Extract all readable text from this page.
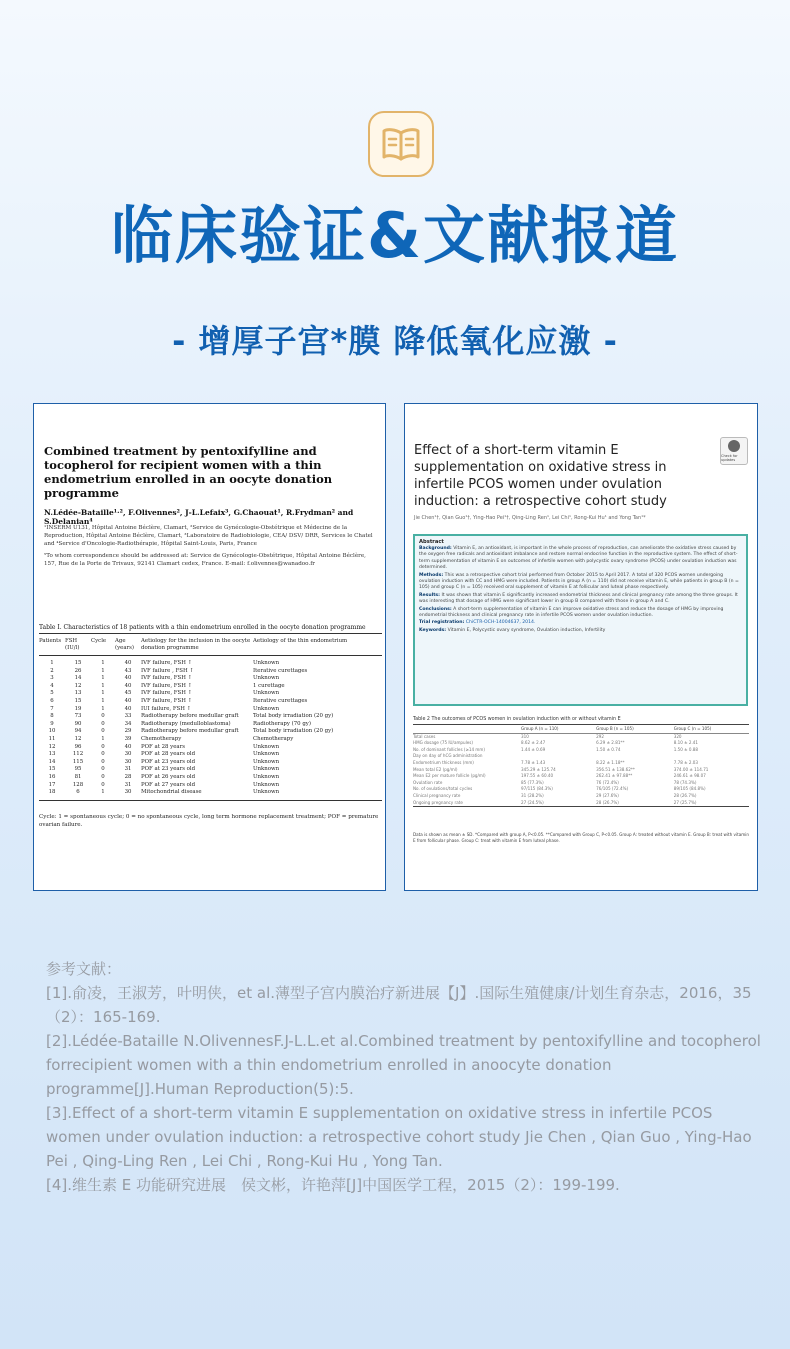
临床验证&文献报道
- 增厚子宫*膜 降低氧化应激 -
Combined treatment by pentoxifylline and tocopherol for recipient women with a thin endometrium enrolled in an oocyte donation programme
N.Lédée-Bataille¹·², F.Olivennes², J-L.Lefaix³, G.Chaouat¹, R.Frydman² and S.Delanian⁴
¹INSERM U131, Hôpital Antoine Béclère, Clamart, ²Service de Gynécologie-Obstétrique et Médecine de la Reproduction, Hôpital Antoine Béclère, Clamart, ³Laboratoire de Radiobiologie, CEA/ DSV/ DRR, Services le Chatel and ⁴Service d'Oncologie-Radiothérapie, Hôpital Saint-Louis, Paris, France
⁵To whom correspondence should be addressed at: Service de Gynécologie-Obstétrique, Hôpital Antoine Béclère, 157, Rue de la Porte de Trivaux, 92141 Clamart cedex, France. E-mail: f.olivennes@wanadoo.fr
Table I. Characteristics of 18 patients with a thin endometrium enrolled in the oocyte donation programme
Patients	FSH (IU/l)	Cycle	Age (years)	Aetiology for the inclusion in the oocyte donation programme	Aetiology of the thin endometrium
1	15	1	40	IVF failure, FSH ↑	Unknown
2	26	1	43	IVF failure , FSH ↑	Iterative curettages
3	14	1	40	IVF failure, FSH ↑	Unknown
4	12	1	40	IVF failure, FSH ↑	1 curettage
5	13	1	45	IVF failure, FSH ↑	Unknown
6	15	1	40	IVF failure, FSH ↑	Iterative curettages
7	19	1	40	IUI failure, FSH ↑	Unknown
8	73	0	33	Radiotherapy before medullar graft	Total body irradiation (20 gy)
9	90	0	34	Radiotherapy (medulloblastoma)	Radiotherapy (70 gy)
10	94	0	29	Radiotherapy before medullar graft	Total body irradiation (20 gy)
11	12	1	39	Chemotherapy	Chemotherapy
12	96	0	40	POF at 28 years	Unknown
13	112	0	30	POF at 28 years old	Unknown
14	115	0	30	POF at 23 years old	Unknown
15	95	0	31	POF at 23 years old	Unknown
16	81	0	28	POF at 26 years old	Unknown
17	128	0	31	POF at 27 years old	Unknown
18	6	1	30	Mitochondrial disease	Unknown
Cycle: 1 = spontaneous cycle; 0 = no spontaneous cycle, long term hormone replacement treatment; POF = premature ovarian failure.
Effect of a short-term vitamin E supplementation on oxidative stress in infertile PCOS women under ovulation induction: a retrospective cohort study
Check for updates
Jie Chen¹†, Qian Guo¹†, Ying-Hao Pei¹†, Qing-Ling Ren¹, Lei Chi¹, Rong-Kui Hu¹ and Yong Tan¹*
Abstract
Background: Vitamin E, an antioxidant, is important in the whole process of reproduction, can ameliorate the oxidative stress caused by the oxygen free radicals and antioxidant imbalance and restore normal endocrine function in the reproductive system. The effect of short-term supplementation of vitamin E on outcomes of infertile women with polycystic ovary syndrome (PCOS) under ovulation induction was determined.
Methods: This was a retrospective cohort trial performed from October 2015 to April 2017. A total of 320 PCOS women undergoing ovulation induction with CC and HMG were included. Patients in group A (n = 110) did not receive vitamin E, while patients in group B (n = 105) and group C (n = 105) received oral supplement of vitamin E at follicular and luteal phase respectively.
Results: It was shown that vitamin E significantly increased endometrial thickness and clinical pregnancy rate among the three groups. It was interesting that dosage of HMG were significant lower in group B compared with those in group A and C.
Conclusions: A short-term supplementation of vitamin E can improve oxidative stress and reduce the dosage of HMG by improving endometrial thickness and clinical pregnancy rate in infertile PCOS women under ovulation induction.
Trial registration: ChiCTR-OCH-14004637, 2014.
Keywords: Vitamin E, Polycystic ovary syndrome, Ovulation induction, Infertility
Table 2 The outcomes of PCOS women in ovulation induction with or without vitamin E
	Group A (n = 110)	Group B (n = 105)	Group C (n = 105)
Total cases	310	292	320
HMG dosage (75 IU/ampules)	8.62 ± 2.47	6.29 ± 2.81**	8.10 ± 2.41
No. of dominant follicles (≥14 mm)	1.44 ± 0.69	1.50 ± 0.74	1.50 ± 0.88
Day on day of hCG administration			
Endometrium thickness (mm)	7.78 ± 1.43	8.22 ± 1.18**	7.78 ± 2.03
Mean total E2 (pg/ml)	345.29 ± 125.74	356.51 ± 138.62**	374.00 ± 114.71
Mean E2 per mature follicle (pg/ml)	197.55 ± 60.40	262.41 ± 97.88**	246.61 ± 98.07
Ovulation rate	85 (77.3%)	76 (72.4%)	78 (74.3%)
No. of ovulations/total cycles	97/115 (84.3%)	76/105 (72.4%)	89/105 (84.8%)
Clinical pregnancy rate	31 (28.2%)	29 (27.6%)	28 (26.7%)
Ongoing pregnancy rate	27 (24.5%)	28 (26.7%)	27 (25.7%)
Data is shown as mean ± SD. *Compared with group A, P<0.05. **Compared with Group C, P<0.05. Group A: treated without vitamin E. Group B: treat with vitamin E from follicular phase. Group C: treat with vitamin E from luteal phase.

参考文献：

[1].俞凌，王淑芳，叶明侠，et al.薄型子宫内膜治疗新进展【J】.国际生殖健康/计划生育杂志，2016，35（2）：165-169.

[2].Lédée-Bataille N.OlivennesF.J-L.L.et al.Combined treatment by pentoxifylline and tocopherol forrecipient women with a thin endometrium enrolled in anoocyte donation programme[J].Human Reproduction(5):5.

[3].Effect of a short-term vitamin E supplementation on oxidative stress in infertile PCOS women under ovulation induction: a retrospective cohort study Jie Chen , Qian Guo , Ying-Hao Pei , Qing-Ling Ren , Lei Chi , Rong-Kui Hu , Yong Tan.

[4].维生素 E 功能研究进展　侯文彬，许艳萍[J]中国医学工程，2015（2）：199-199.
